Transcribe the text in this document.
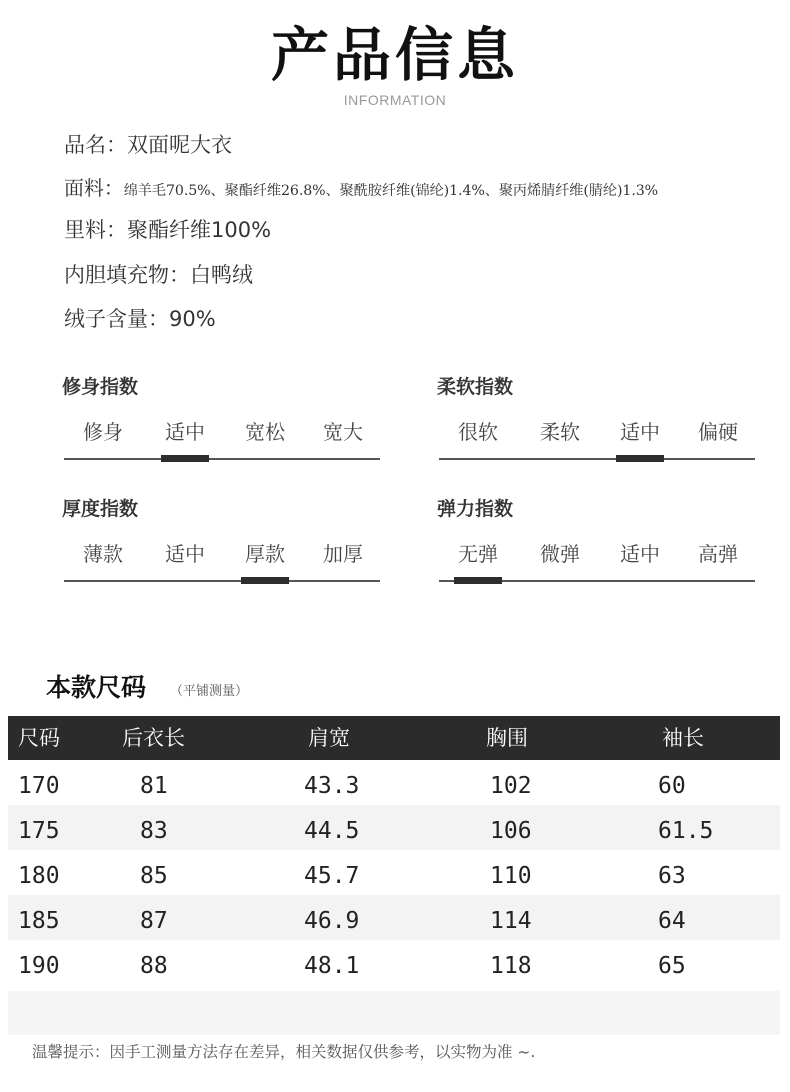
产品信息
INFORMATION
品名：双面呢大衣
面料：绵羊毛70.5%、聚酯纤维26.8%、聚酰胺纤维(锦纶)1.4%、聚丙烯腈纤维(腈纶)1.3%
里料：聚酯纤维100%
内胆填充物：白鸭绒
绒子含量：90%
修身指数
修身	适中	宽松	宽大
柔软指数
很软	柔软	适中	偏硬
厚度指数
薄款	适中	厚款	加厚
弹力指数
无弹	微弹	适中	高弹
本款尺码 （平铺测量）
尺码	后衣长	肩宽	胸围	袖长
170	81	43.3	102	60
175	83	44.5	106	61.5
180	85	45.7	110	63
185	87	46.9	114	64
190	88	48.1	118	65
温馨提示：因手工测量方法存在差异，相关数据仅供参考，以实物为准 ~.
